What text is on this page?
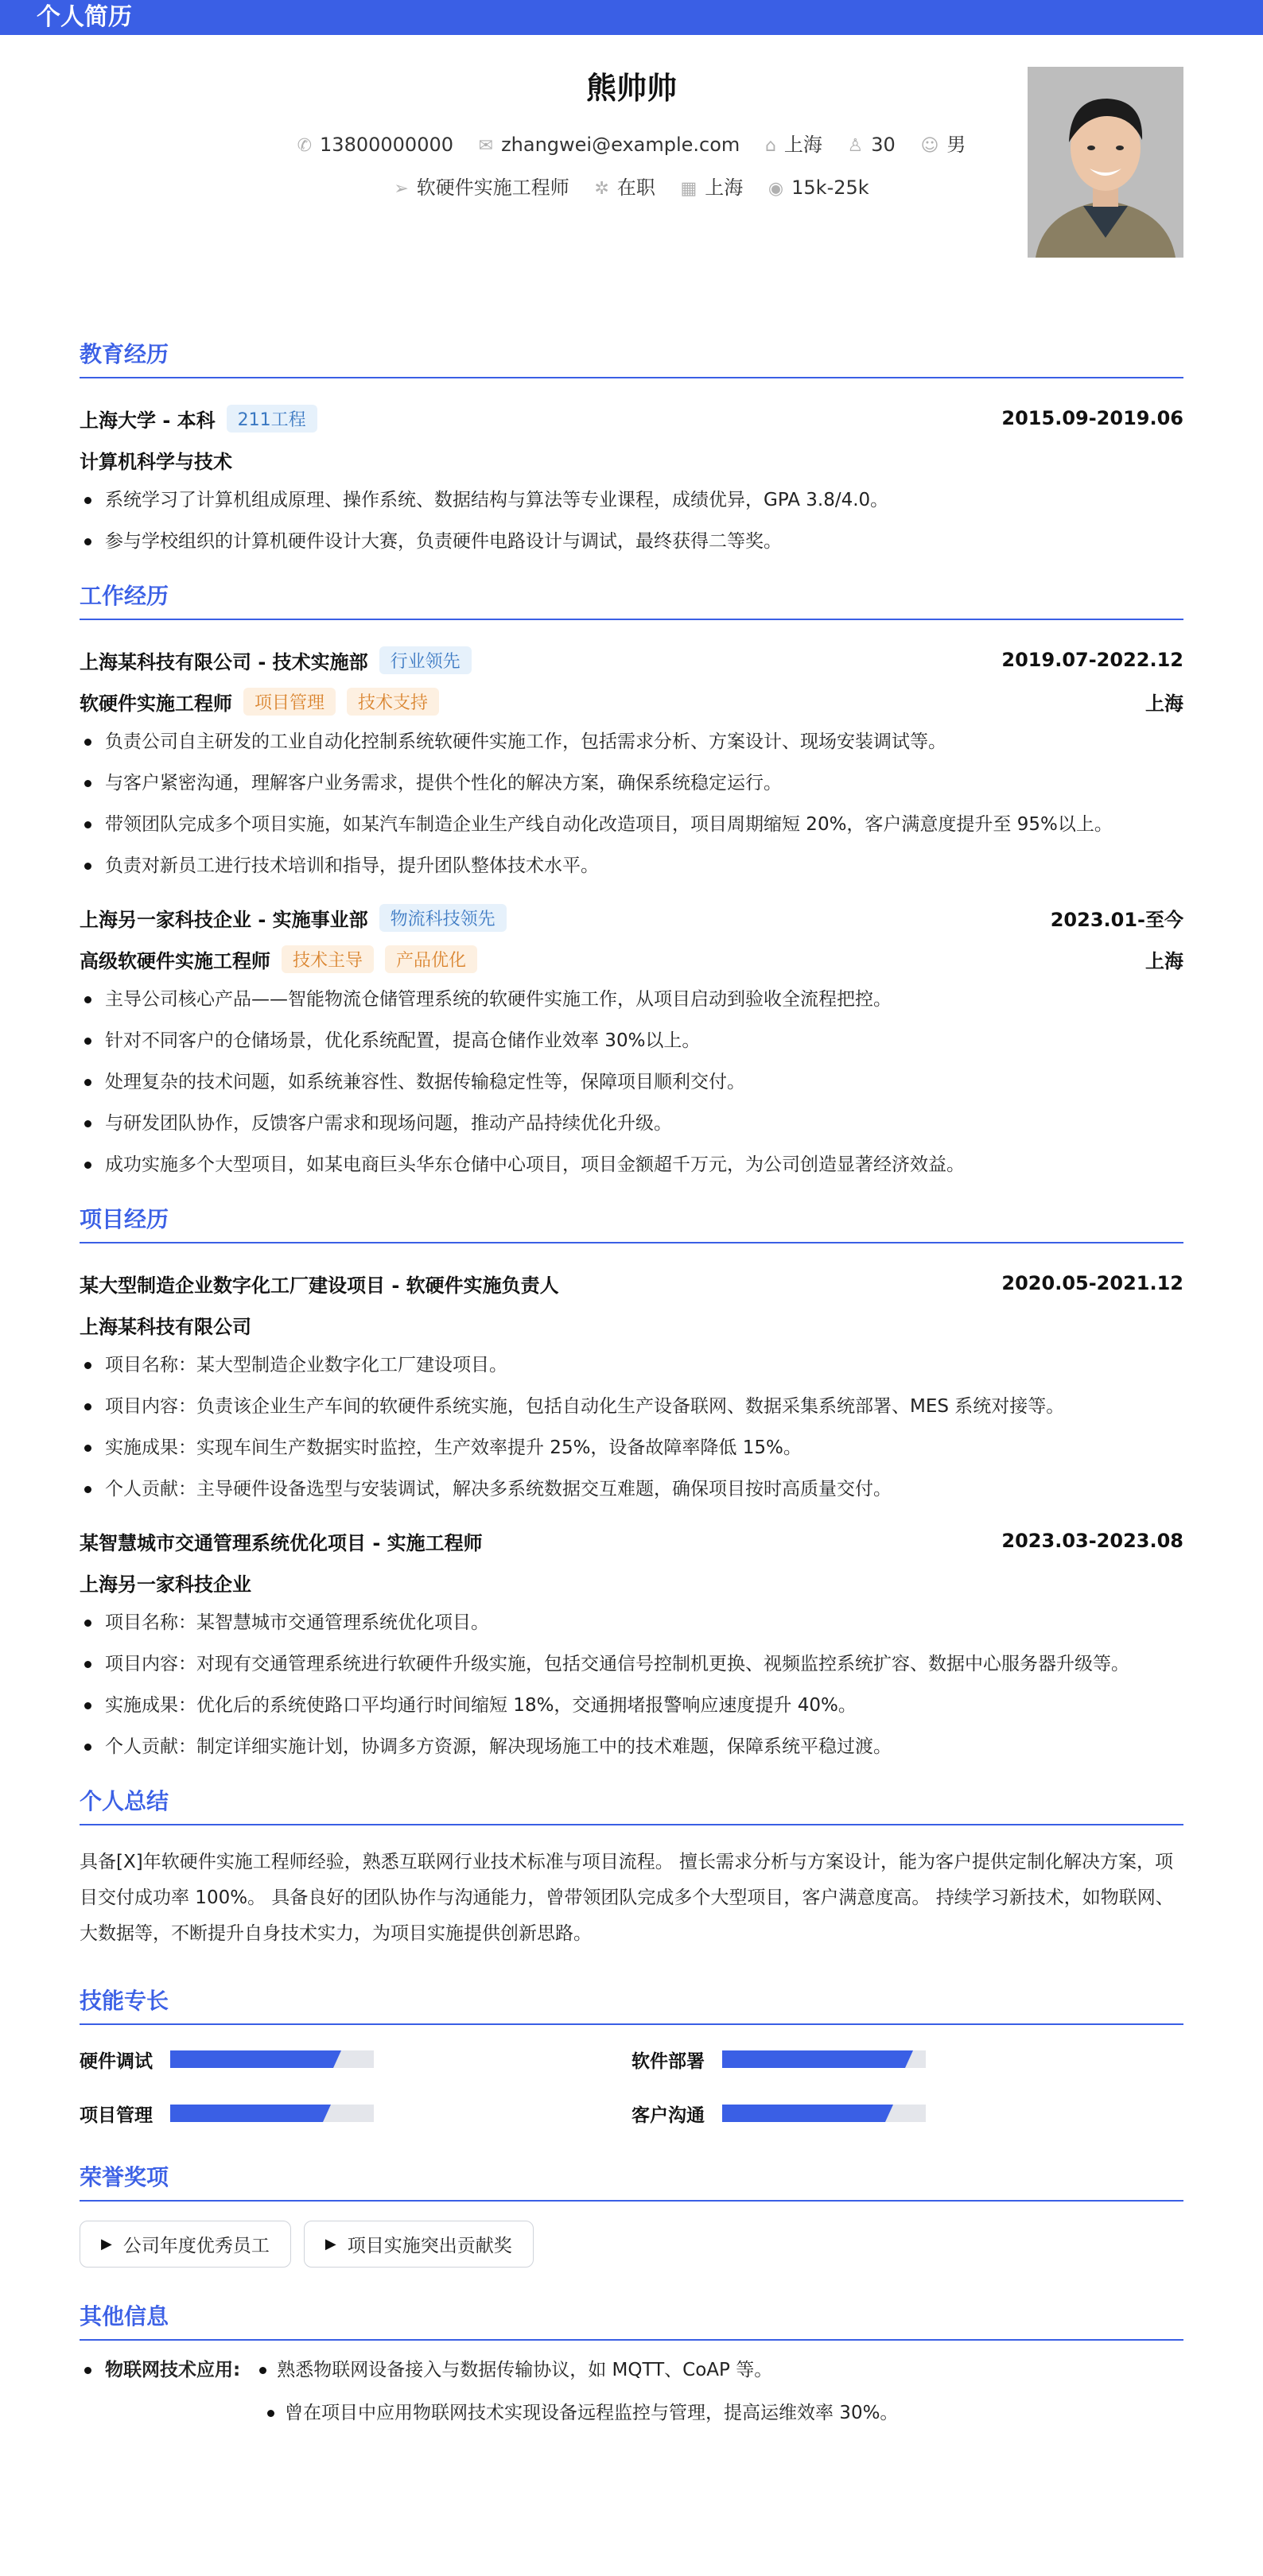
个人简历
熊帅帅
✆ 13800000000 ✉ zhangwei@example.com ⌂ 上海 ♙ 30 ☺ 男
➢ 软硬件实施工程师 ✲ 在职 ▦ 上海 ◉ 15k-25k
教育经历
上海大学 - 本科	211工程	2015.09-2019.06
计算机科学与技术
系统学习了计算机组成原理、操作系统、数据结构与算法等专业课程，成绩优异，GPA 3.8/4.0。
参与学校组织的计算机硬件设计大赛，负责硬件电路设计与调试，最终获得二等奖。
工作经历
上海某科技有限公司 - 技术实施部	行业领先	2019.07-2022.12
软硬件实施工程师	项目管理	技术支持	上海
负责公司自主研发的工业自动化控制系统软硬件实施工作，包括需求分析、方案设计、现场安装调试等。
与客户紧密沟通，理解客户业务需求，提供个性化的解决方案，确保系统稳定运行。
带领团队完成多个项目实施，如某汽车制造企业生产线自动化改造项目，项目周期缩短 20%，客户满意度提升至 95%以上。
负责对新员工进行技术培训和指导，提升团队整体技术水平。
上海另一家科技企业 - 实施事业部	物流科技领先	2023.01-至今
高级软硬件实施工程师	技术主导	产品优化	上海
主导公司核心产品——智能物流仓储管理系统的软硬件实施工作，从项目启动到验收全流程把控。
针对不同客户的仓储场景，优化系统配置，提高仓储作业效率 30%以上。
处理复杂的技术问题，如系统兼容性、数据传输稳定性等，保障项目顺利交付。
与研发团队协作，反馈客户需求和现场问题，推动产品持续优化升级。
成功实施多个大型项目，如某电商巨头华东仓储中心项目，项目金额超千万元，为公司创造显著经济效益。
项目经历
某大型制造企业数字化工厂建设项目 - 软硬件实施负责人	2020.05-2021.12
上海某科技有限公司
项目名称：某大型制造企业数字化工厂建设项目。
项目内容：负责该企业生产车间的软硬件系统实施，包括自动化生产设备联网、数据采集系统部署、MES 系统对接等。
实施成果：实现车间生产数据实时监控，生产效率提升 25%，设备故障率降低 15%。
个人贡献：主导硬件设备选型与安装调试，解决多系统数据交互难题，确保项目按时高质量交付。
某智慧城市交通管理系统优化项目 - 实施工程师	2023.03-2023.08
上海另一家科技企业
项目名称：某智慧城市交通管理系统优化项目。
项目内容：对现有交通管理系统进行软硬件升级实施，包括交通信号控制机更换、视频监控系统扩容、数据中心服务器升级等。
实施成果：优化后的系统使路口平均通行时间缩短 18%，交通拥堵报警响应速度提升 40%。
个人贡献：制定详细实施计划，协调多方资源，解决现场施工中的技术难题，保障系统平稳过渡。
个人总结
具备[X]年软硬件实施工程师经验，熟悉互联网行业技术标准与项目流程。 擅长需求分析与方案设计，能为客户提供定制化解决方案，项目交付成功率 100%。 具备良好的团队协作与沟通能力，曾带领团队完成多个大型项目，客户满意度高。 持续学习新技术，如物联网、大数据等，不断提升自身技术实力，为项目实施提供创新思路。
技能专长
硬件调试	软件部署
项目管理	客户沟通
荣誉奖项
▶ 公司年度优秀员工	▶ 项目实施突出贡献奖
其他信息
物联网技术应用: 熟悉物联网设备接入与数据传输协议，如 MQTT、CoAP 等。
曾在项目中应用物联网技术实现设备远程监控与管理，提高运维效率 30%。
